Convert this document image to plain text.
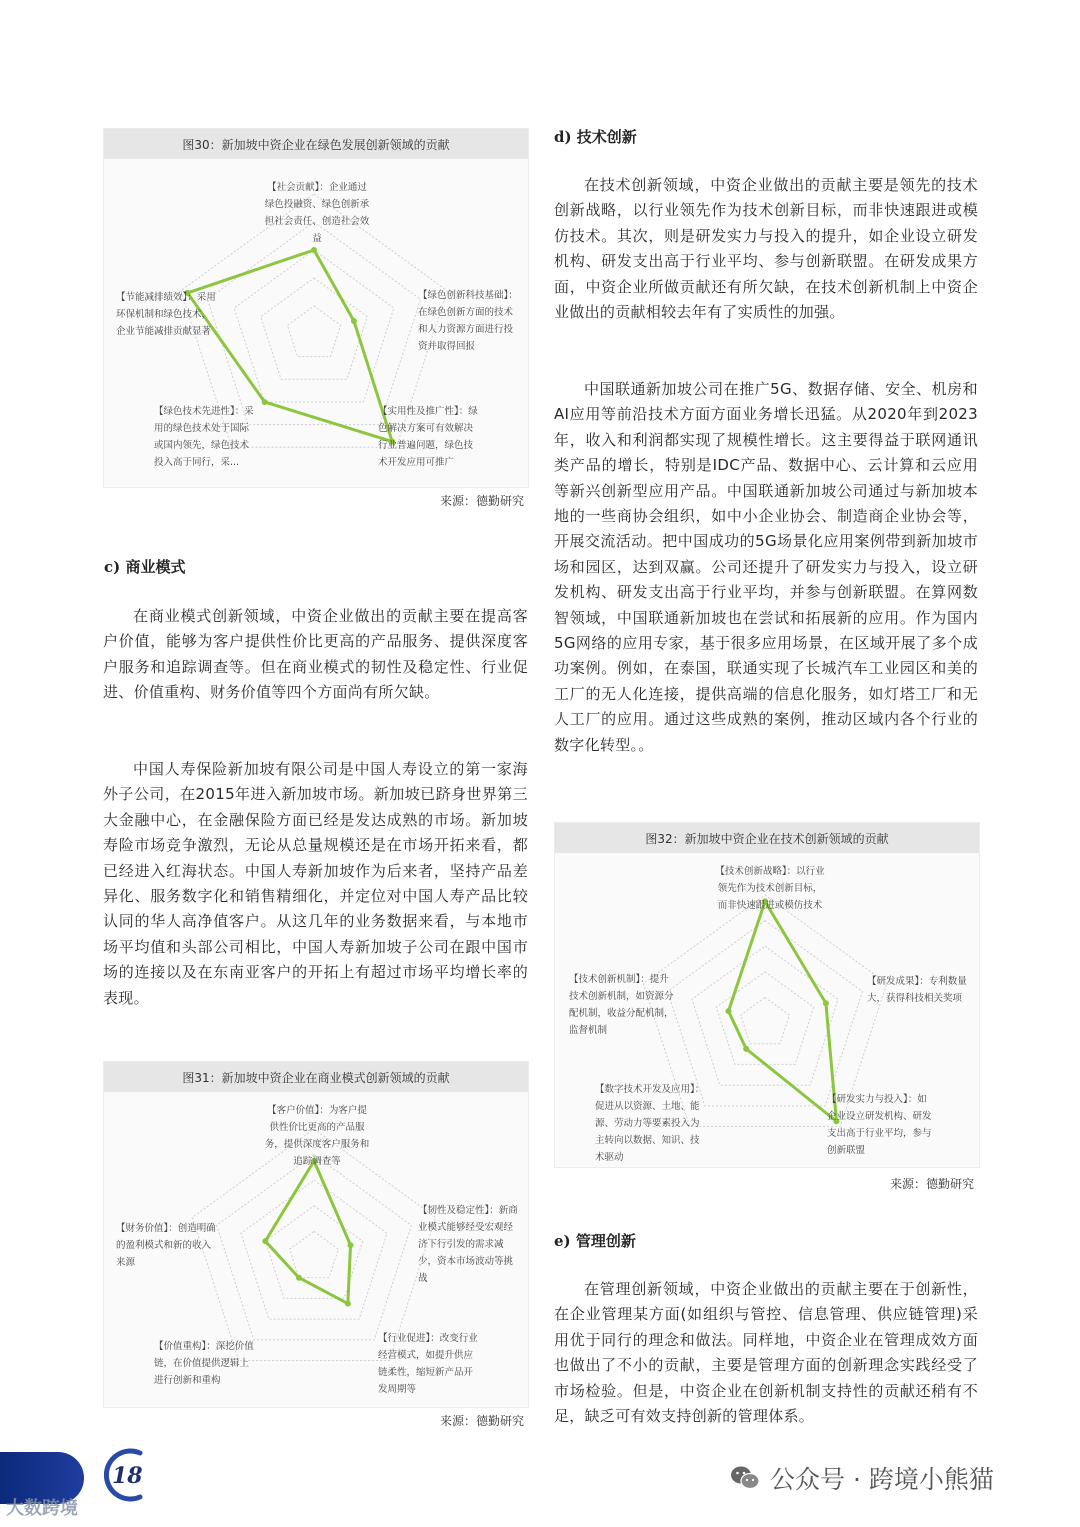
图30：新加坡中资企业在绿色发展创新领域的贡献
【社会贡献】：企业通过绿色投融资、绿色创新承担社会责任、创造社会效益
【绿色创新科技基础】：在绿色创新方面的技术和人力资源方面进行投资并取得回报
【实用性及推广性】：绿色解决方案可有效解决行业普遍问题，绿色技术开发应用可推广
【绿色技术先进性】：采用的绿色技术处于国际或国内领先，绿色技术投入高于同行，采...
【节能减排绩效】：采用环保机制和绿色技术，企业节能减排贡献显著
来源：德勤研究
c) 商业模式
在商业模式创新领域，中资企业做出的贡献主要在提高客户价值，能够为客户提供性价比更高的产品服务、提供深度客户服务和追踪调查等。但在商业模式的韧性及稳定性、行业促进、价值重构、财务价值等四个方面尚有所欠缺。
中国人寿保险新加坡有限公司是中国人寿设立的第一家海外子公司，在2015年进入新加坡市场。新加坡已跻身世界第三大金融中心，在金融保险方面已经是发达成熟的市场。新加坡寿险市场竞争激烈，无论从总量规模还是在市场开拓来看，都已经进入红海状态。中国人寿新加坡作为后来者，坚持产品差异化、服务数字化和销售精细化，并定位对中国人寿产品比较认同的华人高净值客户。从这几年的业务数据来看，与本地市场平均值和头部公司相比，中国人寿新加坡子公司在跟中国市场的连接以及在东南亚客户的开拓上有超过市场平均增长率的表现。
图31：新加坡中资企业在商业模式创新领域的贡献
【客户价值】：为客户提供性价比更高的产品服务，提供深度客户服务和追踪调查等
【韧性及稳定性】：新商业模式能够经受宏观经济下行引发的需求减少，资本市场波动等挑战
【行业促进】：改变行业经营模式，如提升供应链柔性，缩短新产品开发周期等
【价值重构】：深挖价值链，在价值提供逻辑上进行创新和重构
【财务价值】：创造明确的盈利模式和新的收入来源
来源：德勤研究
d) 技术创新
在技术创新领域，中资企业做出的贡献主要是领先的技术创新战略，以行业领先作为技术创新目标，而非快速跟进或模仿技术。其次，则是研发实力与投入的提升，如企业设立研发机构、研发支出高于行业平均、参与创新联盟。在研发成果方面，中资企业所做贡献还有所欠缺，在技术创新机制上中资企业做出的贡献相较去年有了实质性的加强。
中国联通新加坡公司在推广5G、数据存储、安全、机房和AI应用等前沿技术方面方面业务增长迅猛。从2020年到2023年，收入和利润都实现了规模性增长。这主要得益于联网通讯类产品的增长，特别是IDC产品、数据中心、云计算和云应用等新兴创新型应用产品。中国联通新加坡公司通过与新加坡本地的一些商协会组织，如中小企业协会、制造商企业协会等，开展交流活动。把中国成功的5G场景化应用案例带到新加坡市场和园区，达到双赢。公司还提升了研发实力与投入，设立研发机构、研发支出高于行业平均，并参与创新联盟。在算网数智领域，中国联通新加坡也在尝试和拓展新的应用。作为国内5G网络的应用专家，基于很多应用场景，在区域开展了多个成功案例。例如，在泰国，联通实现了长城汽车工业园区和美的工厂的无人化连接，提供高端的信息化服务，如灯塔工厂和无人工厂的应用。通过这些成熟的案例，推动区域内各个行业的数字化转型。。
图32：新加坡中资企业在技术创新领域的贡献
【技术创新战略】：以行业领先作为技术创新目标，而非快速跟进或模仿技术
【研发成果】：专利数量大，获得科技相关奖项
【研发实力与投入】：如企业设立研发机构、研发支出高于行业平均，参与创新联盟
【数字技术开发及应用】：促进从以资源、土地、能源、劳动力等要素投入为主转向以数据、知识、技术驱动
【技术创新机制】：提升技术创新机制，如资源分配机制，收益分配机制，监督机制
来源：德勤研究
e) 管理创新
在管理创新领域，中资企业做出的贡献主要在于创新性，在企业管理某方面(如组织与管控、信息管理、供应链管理)采用优于同行的理念和做法。同样地，中资企业在管理成效方面也做出了不小的贡献，主要是管理方面的创新理念实践经受了市场检验。但是，中资企业在创新机制支持性的贡献还稍有不足，缺乏可有效支持创新的管理体系。
18
大数跨境
公众号 · 跨境小熊猫
